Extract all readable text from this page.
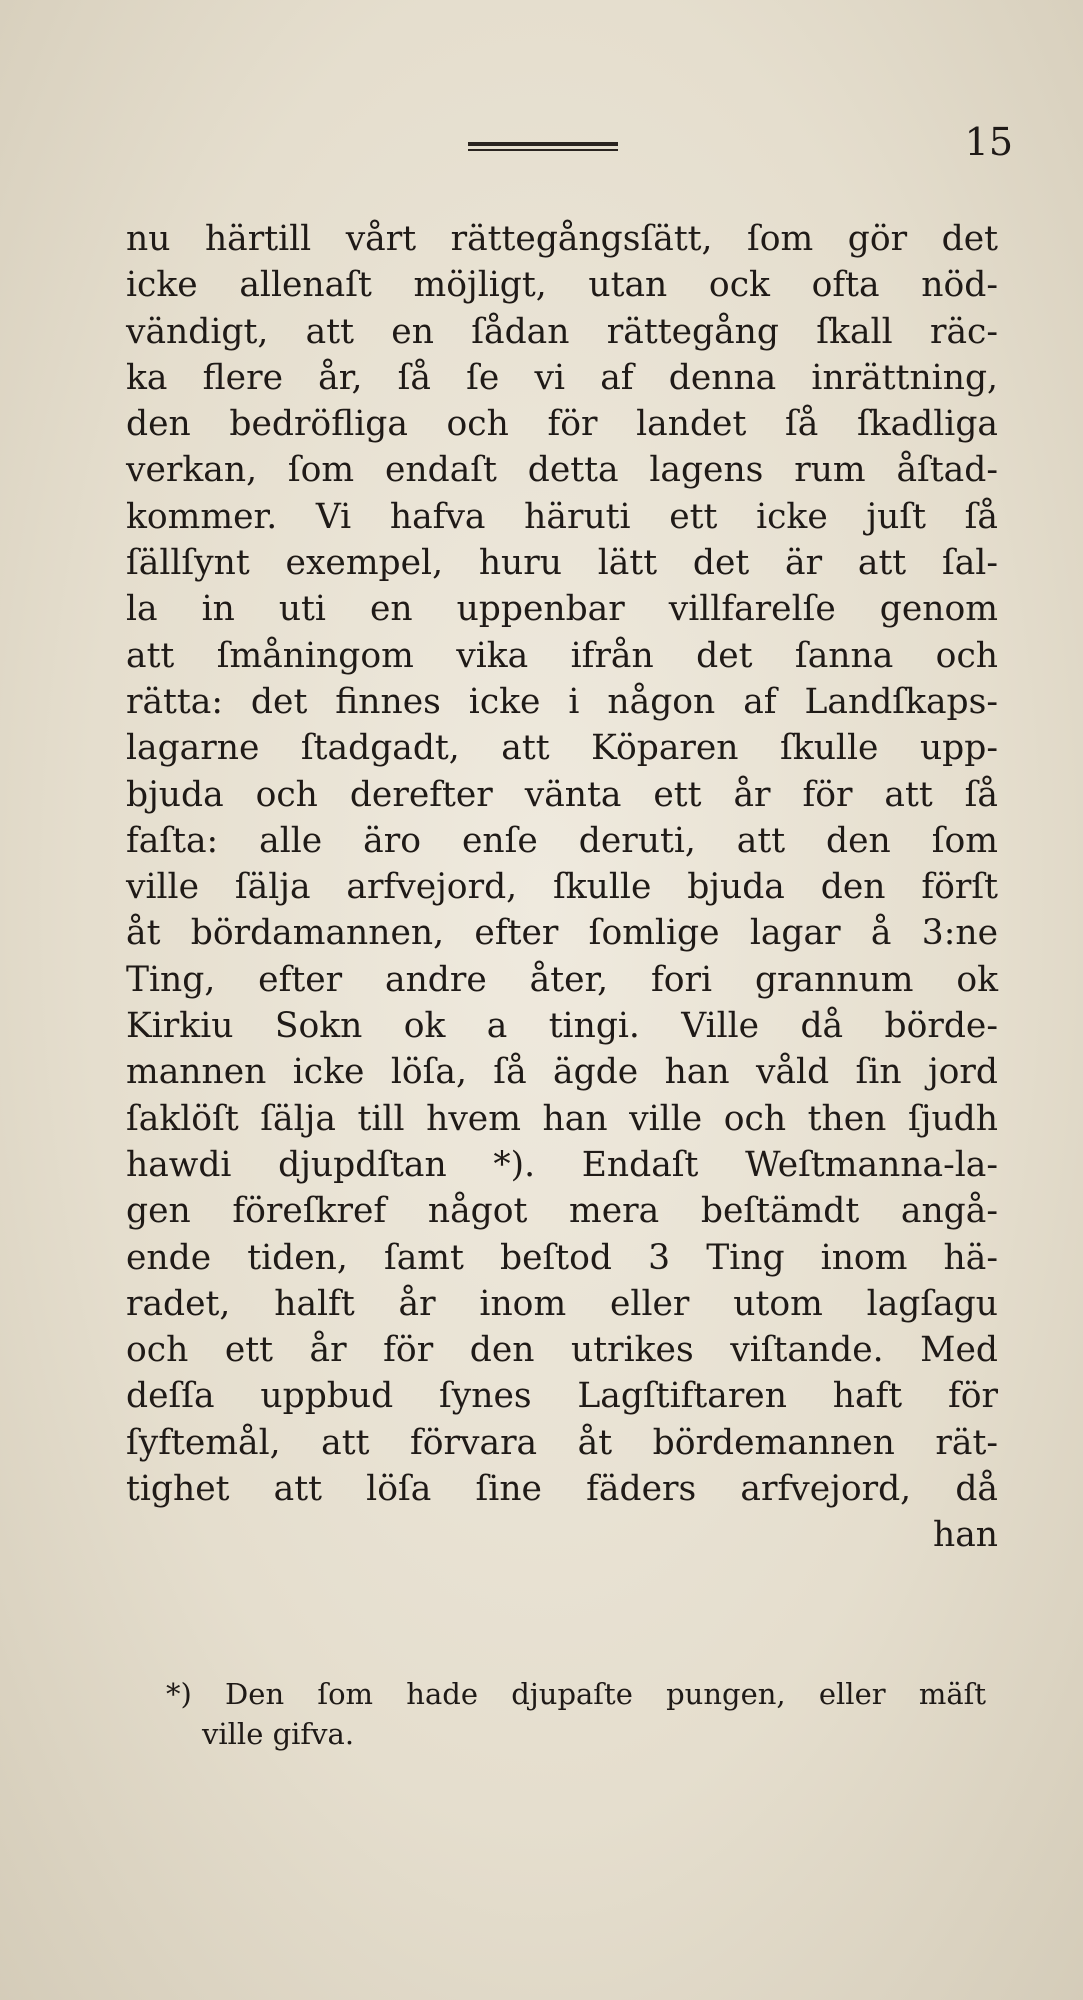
15
nu härtill vårt rättegångsſätt, ſom gör det
icke allenaſt möjligt, utan ock ofta nöd-
vändigt, att en ſådan rättegång ſkall räc-
ka flere år, ſå ſe vi af denna inrättning,
den bedröfliga och för landet ſå ſkadliga
verkan, ſom endaſt detta lagens rum åſtad-
kommer. Vi hafva häruti ett icke juſt ſå
ſällſynt exempel, huru lätt det är att ſal-
la in uti en uppenbar villfarelſe genom
att ſmåningom vika ifrån det ſanna och
rätta: det finnes icke i någon af Landſkaps-
lagarne ſtadgadt, att Köparen ſkulle upp-
bjuda och derefter vänta ett år för att ſå
faſta: alle äro enſe deruti, att den ſom
ville ſälja arfvejord, ſkulle bjuda den förſt
åt bördamannen, efter ſomlige lagar å 3:ne
Ting, efter andre åter, fori grannum ok
Kirkiu Sokn ok a tingi. Ville då börde-
mannen icke löſa, ſå ägde han våld ſin jord
ſaklöſt ſälja till hvem han ville och then ſjudh
hawdi djupdſtan *). Endaſt Weſtmanna-la-
gen föreſkref något mera beſtämdt angå-
ende tiden, ſamt beſtod 3 Ting inom hä-
radet, halft år inom eller utom lagſagu
och ett år för den utrikes viſtande. Med
deſſa uppbud ſynes Lagſtiftaren haft för
ſyftemål, att förvara åt bördemannen rät-
tighet att löſa ſine fäders arfvejord, då
han
*) Den ſom hade djupaſte pungen, eller mäſt
ville gifva.
